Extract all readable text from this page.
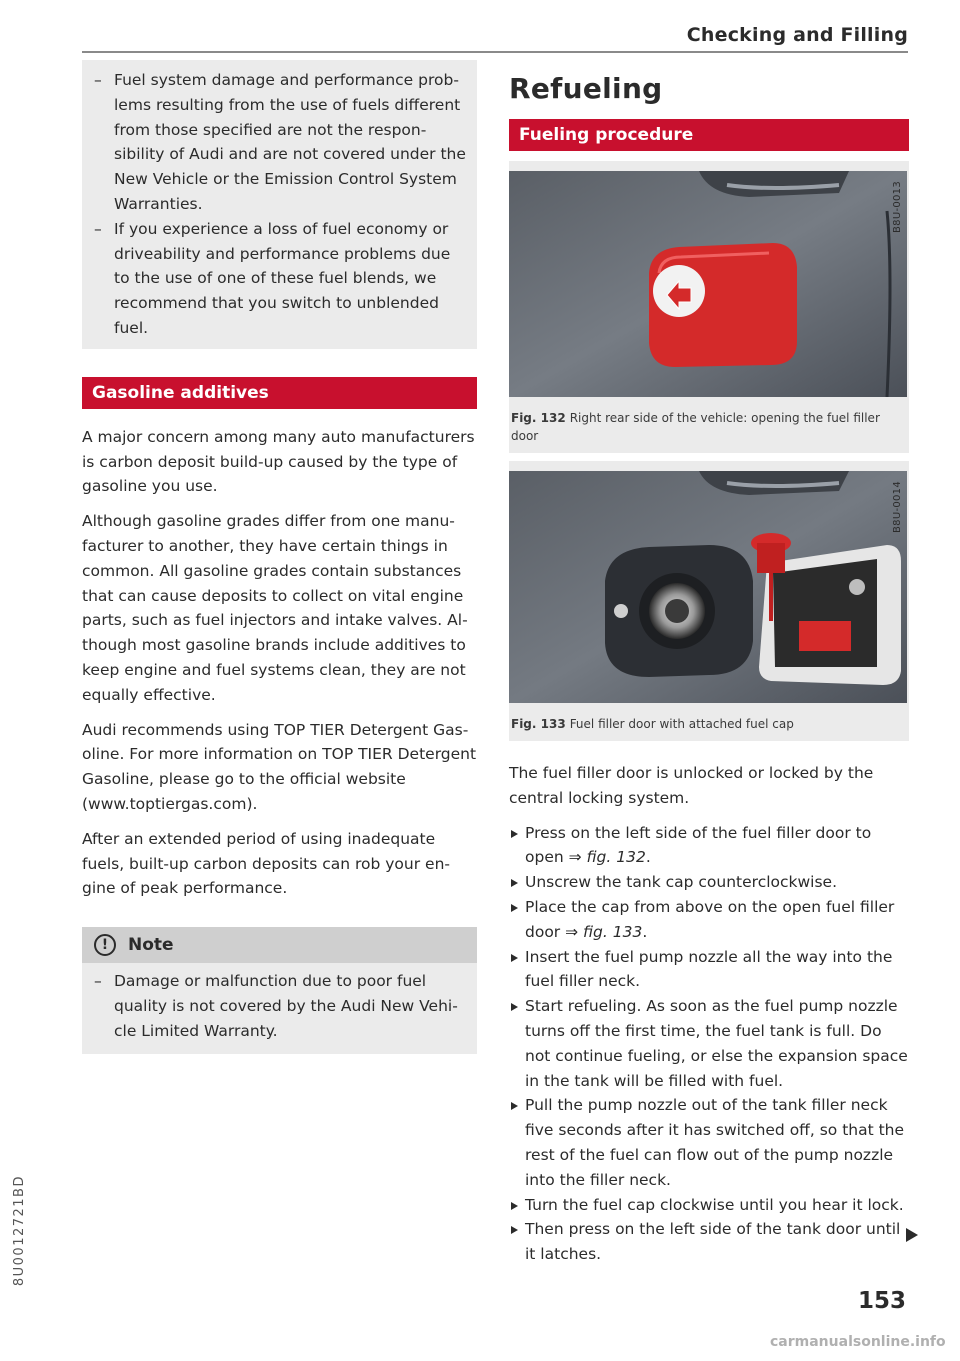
Checking and Filling
– Fuel system damage and performance problems resulting from the use of fuels different from those specified are not the responsibility of Audi and are not covered under the New Vehicle or the Emission Control System Warranties.
– If you experience a loss of fuel economy or driveability and performance problems due to the use of one of these fuel blends, we recommend that you switch to unblended fuel.
Gasoline additives

A major concern among many auto manufacturers is carbon deposit build-up caused by the type of gasoline you use.

Although gasoline grades differ from one manufacturer to another, they have certain things in common. All gasoline grades contain substances that can cause deposits to collect on vital engine parts, such as fuel injectors and intake valves. Although most gasoline brands include additives to keep engine and fuel systems clean, they are not equally effective.

Audi recommends using TOP TIER Detergent Gasoline. For more information on TOP TIER Detergent Gasoline, please go to the official website (www.toptiergas.com).

After an extended period of using inadequate fuels, built-up carbon deposits can rob your engine of peak performance.

!	Note
– Damage or malfunction due to poor fuel quality is not covered by the Audi New Vehicle Limited Warranty.
Refueling
Fueling procedure
B8U-0013
Fig. 132 Right rear side of the vehicle: opening the fuel filler door
B8U-0014
Fig. 133 Fuel filler door with attached fuel cap

The fuel filler door is unlocked or locked by the central locking system.

Press on the left side of the fuel filler door to open ⇒ fig. 132.
Unscrew the tank cap counterclockwise.
Place the cap from above on the open fuel filler door ⇒ fig. 133.
Insert the fuel pump nozzle all the way into the fuel filler neck.
Start refueling. As soon as the fuel pump nozzle turns off the first time, the fuel tank is full. Do not continue fueling, or else the expansion space in the tank will be filled with fuel.
Pull the pump nozzle out of the tank filler neck five seconds after it has switched off, so that the rest of the fuel can flow out of the pump nozzle into the filler neck.
Turn the fuel cap clockwise until you hear it lock.
Then press on the left side of the tank door until it latches.
153
8U0012721BD
carmanualsonline.info
